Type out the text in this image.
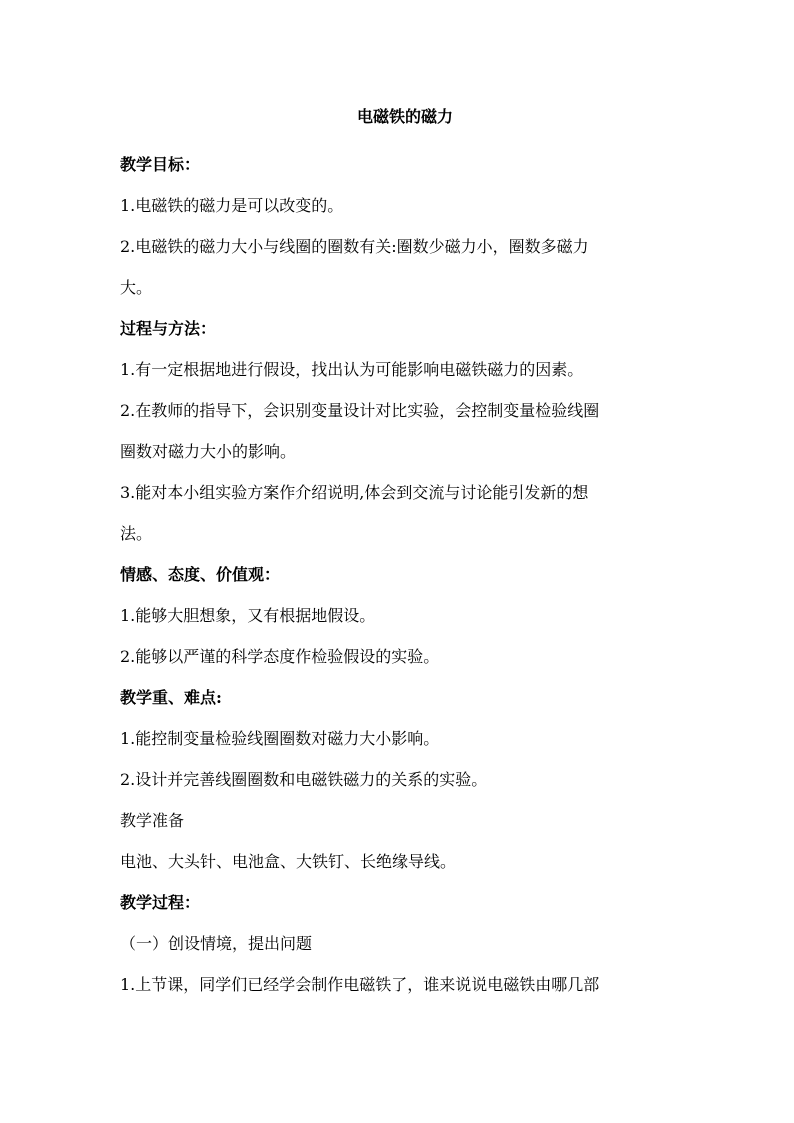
电磁铁的磁力
教学目标：
1.电磁铁的磁力是可以改变的。
2.电磁铁的磁力大小与线圈的圈数有关:圈数少磁力小，圈数多磁力
大。
过程与方法：
1.有一定根据地进行假设，找出认为可能影响电磁铁磁力的因素。
2.在教师的指导下，会识别变量设计对比实验，会控制变量检验线圈
圈数对磁力大小的影响。
3.能对本小组实验方案作介绍说明,体会到交流与讨论能引发新的想
法。
情感、态度、价值观：
1.能够大胆想象，又有根据地假设。
2.能够以严谨的科学态度作检验假设的实验。
教学重、难点:
1.能控制变量检验线圈圈数对磁力大小影响。
2.设计并完善线圈圈数和电磁铁磁力的关系的实验。
教学准备
电池、大头针、电池盒、大铁钉、长绝缘导线。
教学过程：
（一）创设情境，提出问题
1.上节课，同学们已经学会制作电磁铁了，谁来说说电磁铁由哪几部
